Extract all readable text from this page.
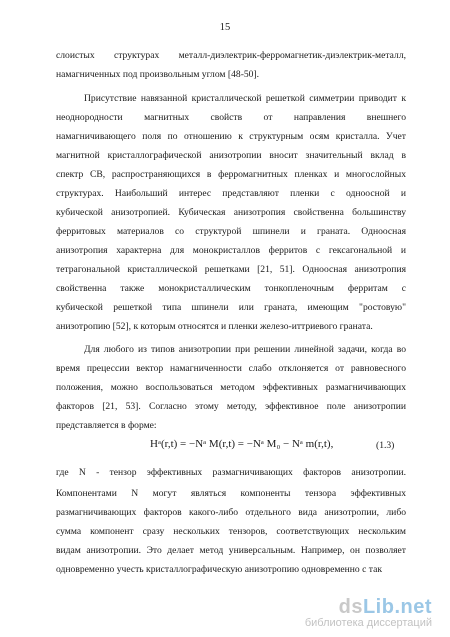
15
слоистых структурах металл-диэлектрик-ферромагнетик-диэлектрик-металл,
намагниченных под произвольным углом [48-50].
Присутствие навязанной кристаллической решеткой симметрии приводит к
неоднородности магнитных свойств от направления внешнего
намагничивающего поля по отношению к структурным осям кристалла. Учет
магнитной кристаллографической анизотропии вносит значительный вклад в
спектр СВ, распространяющихся в ферромагнитных пленках и многослойных
структурах. Наибольший интерес представляют пленки с одноосной и
кубической анизотропией. Кубическая анизотропия свойственна большинству
ферритовых материалов со структурой шпинели и граната. Одноосная
анизотропия характерна для монокристаллов ферритов с гексагональной и
тетрагональной кристаллической решетками [21, 51]. Одноосная анизотропия
свойственна также монокристаллическим тонкопленочным ферритам с
кубической решеткой типа шпинели или граната, имеющим "ростовую"
анизотропию [52], к которым относятся и пленки железо-иттриевого граната.
Для любого из типов анизотропии при решении линейной задачи, когда во
время прецессии вектор намагниченности слабо отклоняется от равновесного
положения, можно воспользоваться методом эффективных размагничивающих
факторов [21, 53]. Согласно этому методу, эффективное поле анизотропии
представляется в форме:
Hᵃ(r,t) = −Nᵃ M(r,t) = −Nᵃ M₀ − Nᵃ m(r,t),	(1.3)
где N - тензор эффективных размагничивающих факторов анизотропии.
Компонентами N могут являться компоненты тензора эффективных
размагничивающих факторов какого-либо отдельного вида анизотропии, либо
сумма компонент сразу нескольких тензоров, соответствующих нескольким
видам анизотропии. Это делает метод универсальным. Например, он позволяет
одновременно учесть кристаллографическую анизотропию одновременно с так
dsLib.net
библиотека диссертаций
